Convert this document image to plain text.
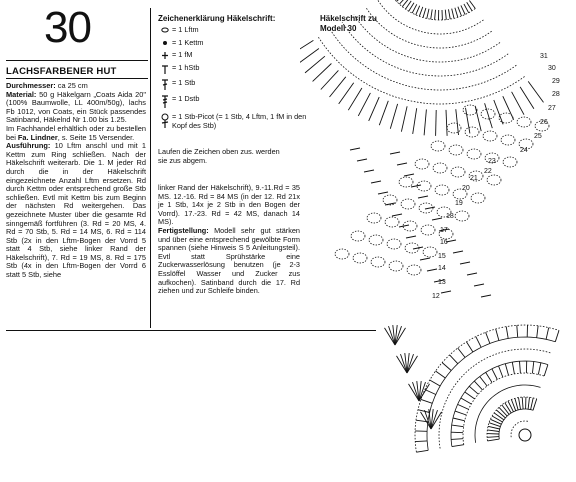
30
LACHSFARBENER HUT

Durchmesser: ca 25 cm

Material: 50 g Häkelgarn „Coats Aida 20" (100% Baumwolle, LL 400m/50g), lachs Fb 1012, von Coats, ein Stück passendes Satinband, Häkelnd Nr 1.00 bis 1.25.

Im Fachhandel erhältlich oder zu bestellen bei Fa. Lindner, s. Seite 15 Versender.

Ausführung: 10 Lftm anschl und mit 1 Kettm zum Ring schließen. Nach der Häkelschrift weiterarb. Die 1. M jeder Rd durch die in der Häkelschrift eingezeichnete Anzahl Lftm ersetzen. Rd durch Kettm oder entsprechend große Stb schließen. Evtl mit Kettm bis zum Beginn der nächsten Rd weitergehen. Das gezeichnete Muster über die gesamte Rd sinngemäß fortführen (3. Rd = 20 MS, 4. Rd = 70 Stb, 5. Rd = 14 MS, 6. Rd = 114 Stb (2x in den Lftm-Bogen der Vorrd 5 statt 4 Stb, siehe linker Rand der Häkelschrift), 7. Rd = 19 MS, 8. Rd = 175 Stb (4x in den Lftm-Bogen der Vorrd 6 statt 5 Stb, siehe

Zeichenerklärung Häkelschrift:
= 1 Lftm
= 1 Kettm
= 1 fM
= 1 hStb
= 1 Stb
= 1 Dstb
= 1 Stb-Picot (= 1 Stb, 4 Lftm, 1 fM in den Kopf des Stb)
Laufen die Zeichen oben zus. werden sie zus abgem.

linker Rand der Häkelschrift), 9.-11.Rd = 35 MS. 12.-16. Rd = 84 MS (in der 12. Rd 21x je 1 Stb, 14x je 2 Stb in den Bogen der Vorrd). 17.-23. Rd = 42 MS, danach 14 MS).

Fertigstellung: Modell sehr gut stärken und über eine entsprechend gewölbte Form spannen (siehe Hinweis S 5 Anleitungsteil). Evtl statt Sprühstärke eine Zuckerwasserlösung benutzen (je 2-3 Esslöffel Wasser und Zucker zus aufkochen). Satinband durch die 17. Rd ziehen und zur Schleife binden.

Häkelschrift zu
Modell 30
31
30
29
28
27
26
25
24
23
22
21
20
19
18
17
16
15
14
13
12
